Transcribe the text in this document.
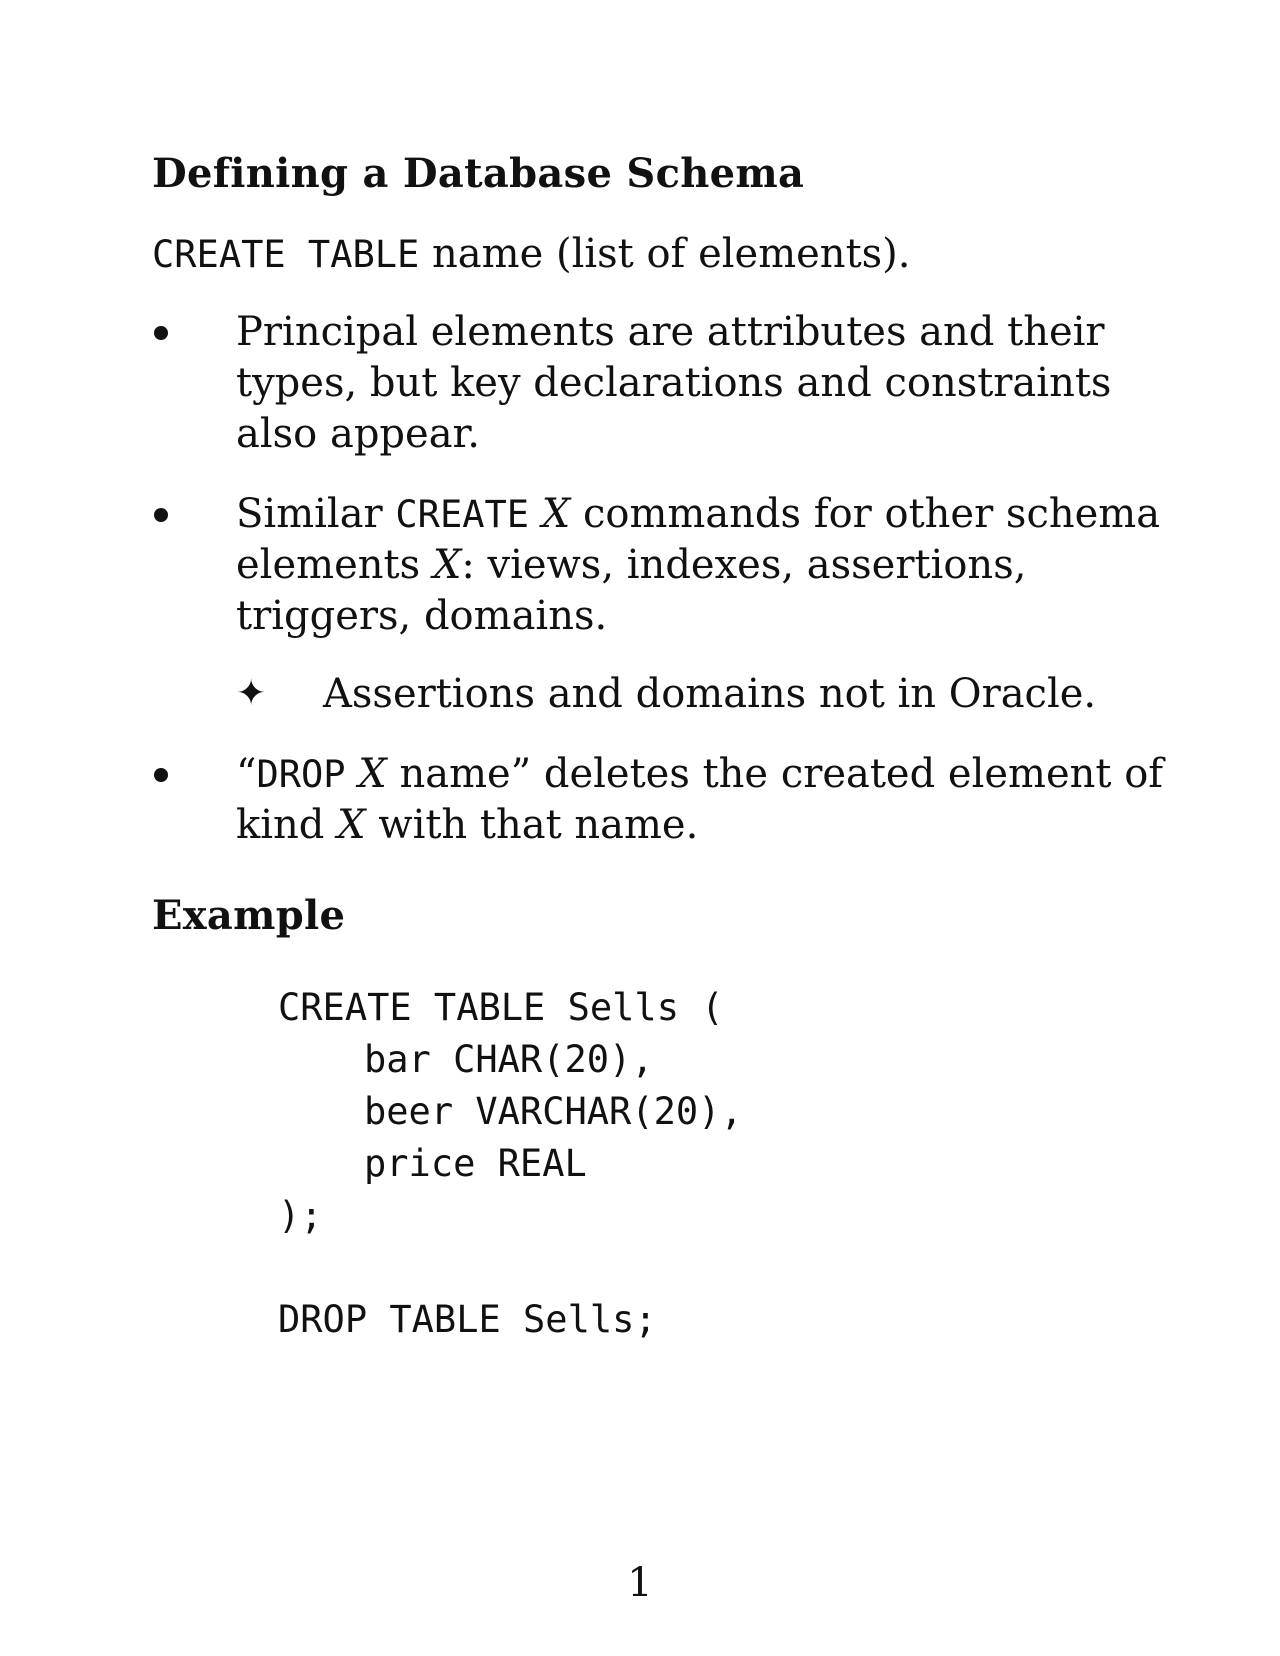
Defining a Database Schema
CREATE TABLE name (list of elements).
Principal elements are attributes and their
types, but key declarations and constraints
also appear.
Similar CREATE X commands for other schema
elements X: views, indexes, assertions,
triggers, domains.
✦ Assertions and domains not in Oracle.
“DROP X name” deletes the created element of
kind X with that name.
Example
CREATE TABLE Sells (
bar CHAR(20),
beer VARCHAR(20),
price REAL
);
DROP TABLE Sells;
1
